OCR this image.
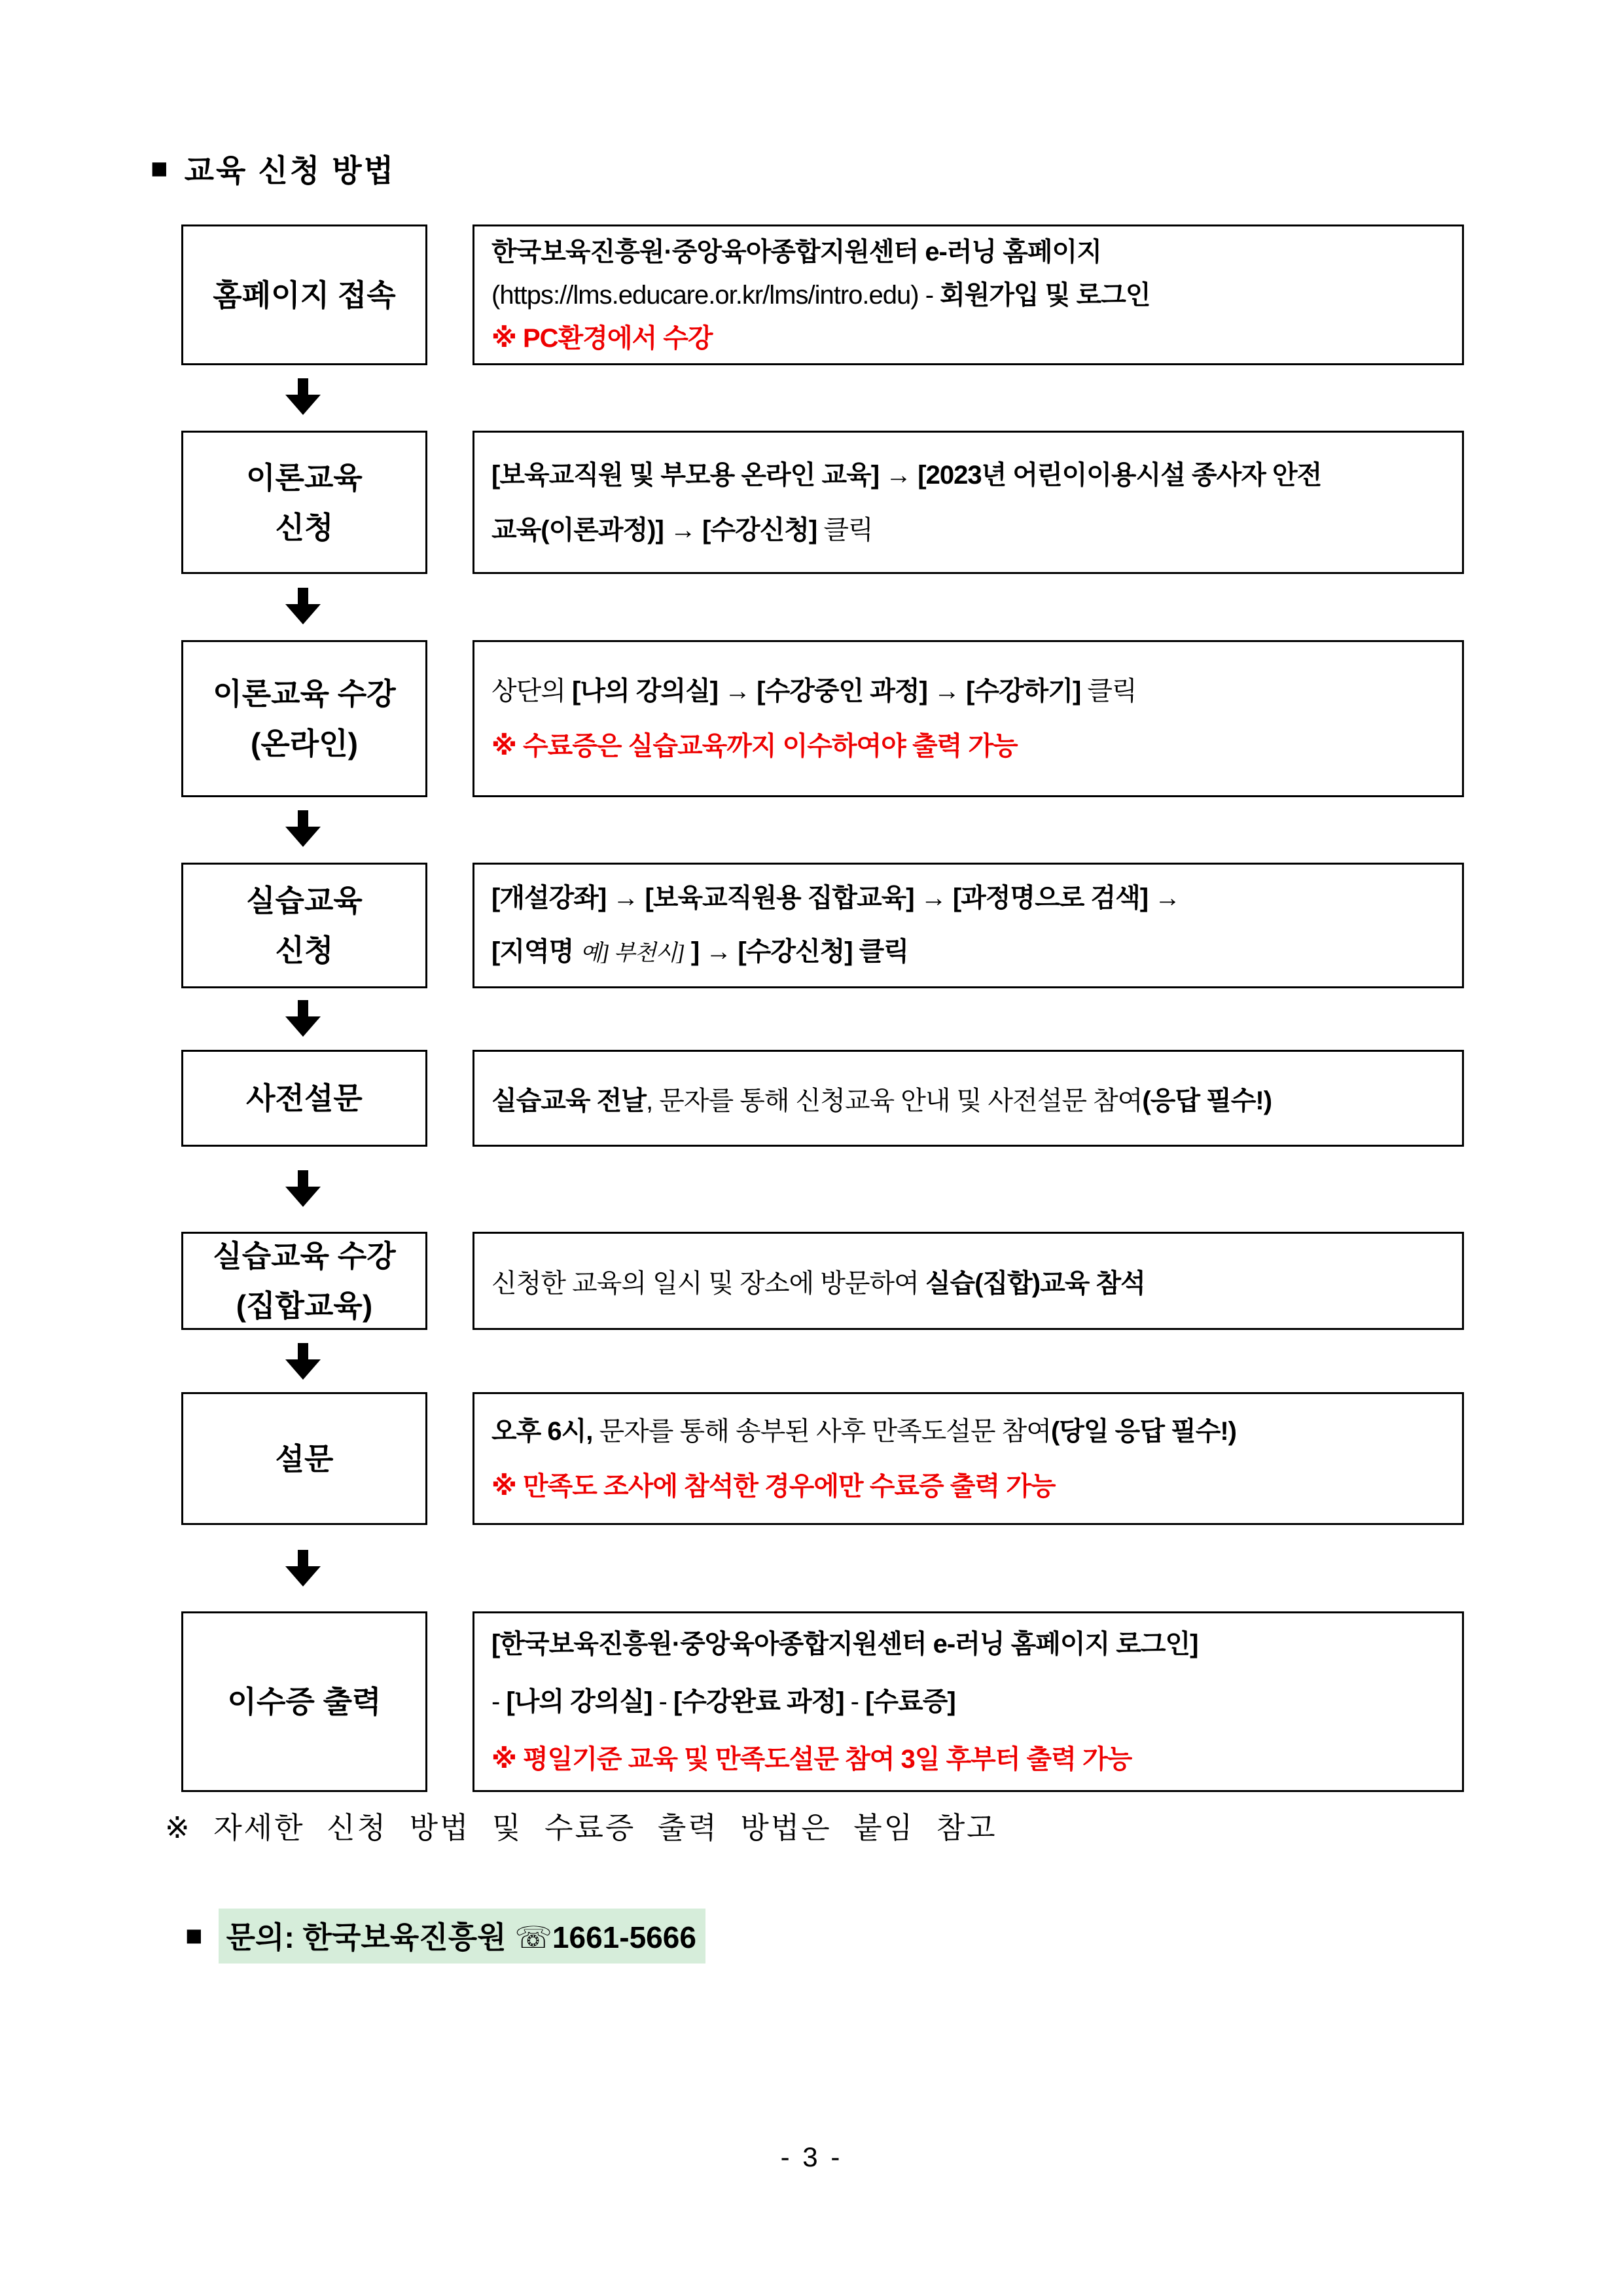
■ 교육 신청 방법
홈페이지 접속
한국보육진흥원·중앙육아종합지원센터 e-러닝 홈페이지
(https://lms.educare.or.kr/lms/intro.edu) - 회원가입 및 로그인
※ PC환경에서 수강
이론교육
신청
[보육교직원 및 부모용 온라인 교육] → [2023년 어린이이용시설 종사자 안전
교육(이론과정)] → [수강신청] 클릭
이론교육 수강
(온라인)
상단의 [나의 강의실] → [수강중인 과정] → [수강하기] 클릭
※ 수료증은 실습교육까지 이수하여야 출력 가능
실습교육
신청
[개설강좌] → [보육교직원용 집합교육] → [과정명으로 검색] →
[지역명 예] 부천시] ] → [수강신청] 클릭
사전설문	실습교육 전날, 문자를 통해 신청교육 안내 및 사전설문 참여(응답 필수!)
실습교육 수강
(집합교육)
신청한 교육의 일시 및 장소에 방문하여 실습(집합)교육 참석
설문
오후 6시, 문자를 통해 송부된 사후 만족도설문 참여(당일 응답 필수!)
※ 만족도 조사에 참석한 경우에만 수료증 출력 가능
이수증 출력
[한국보육진흥원·중앙육아종합지원센터 e-러닝 홈페이지 로그인]
- [나의 강의실] - [수강완료 과정] - [수료증]
※ 평일기준 교육 및 만족도설문 참여 3일 후부터 출력 가능
※ 자세한 신청 방법 및 수료증 출력 방법은 붙임 참고
■ 문의: 한국보육진흥원 ☏1661-5666
- 3 -
